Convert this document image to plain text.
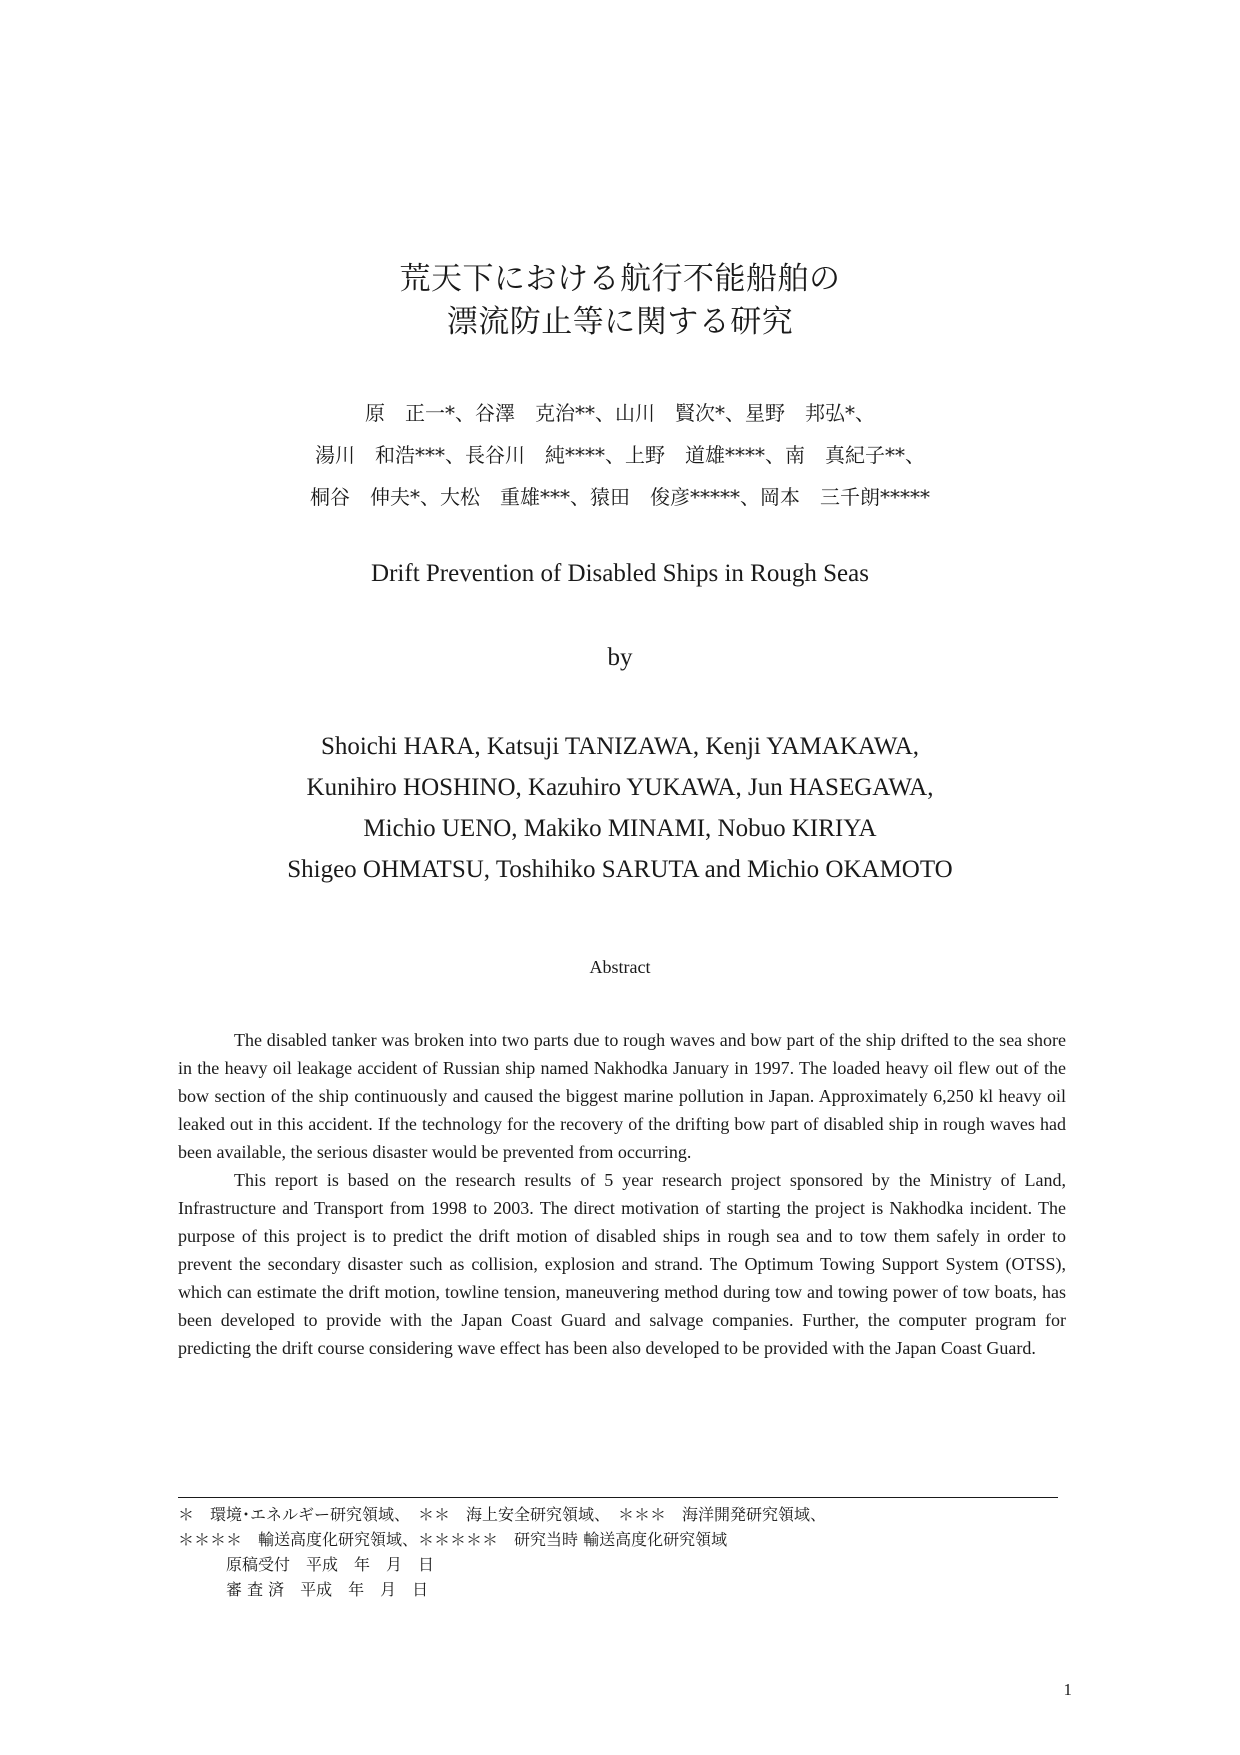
荒天下における航行不能船舶の
漂流防止等に関する研究
原　正一*、谷澤　克治**、山川　賢次*、星野　邦弘*、
湯川　和浩***、長谷川　純****、上野　道雄****、南　真紀子**、
桐谷　伸夫*、大松　重雄***、猿田　俊彦*****、岡本　三千朗*****
Drift Prevention of Disabled Ships in Rough Seas
by
Shoichi HARA, Katsuji TANIZAWA, Kenji YAMAKAWA,
Kunihiro HOSHINO, Kazuhiro YUKAWA, Jun HASEGAWA,
Michio UENO, Makiko MINAMI, Nobuo KIRIYA
Shigeo OHMATSU, Toshihiko SARUTA and Michio OKAMOTO
Abstract

The disabled tanker was broken into two parts due to rough waves and bow part of the ship drifted to the sea shore in the heavy oil leakage accident of Russian ship named Nakhodka January in 1997. The loaded heavy oil flew out of the bow section of the ship continuously and caused the biggest marine pollution in Japan. Approximately 6,250 kl heavy oil leaked out in this accident. If the technology for the recovery of the drifting bow part of disabled ship in rough waves had been available, the serious disaster would be prevented from occurring.

This report is based on the research results of 5 year research project sponsored by the Ministry of Land, Infrastructure and Transport from 1998 to 2003. The direct motivation of starting the project is Nakhodka incident. The purpose of this project is to predict the drift motion of disabled ships in rough sea and to tow them safely in order to prevent the secondary disaster such as collision, explosion and strand. The Optimum Towing Support System (OTSS), which can estimate the drift motion, towline tension, maneuvering method during tow and towing power of tow boats, has been developed to provide with the Japan Coast Guard and salvage companies. Further, the computer program for predicting the drift course considering wave effect has been also developed to be provided with the Japan Coast Guard.

＊　環境･エネルギー研究領域、　＊＊　海上安全研究領域、　＊＊＊　海洋開発研究領域、
＊＊＊＊　輸送高度化研究領域、＊＊＊＊＊　研究当時 輸送高度化研究領域
原稿受付　平成　年　月　日
審 査 済　平成　年　月　日
1
